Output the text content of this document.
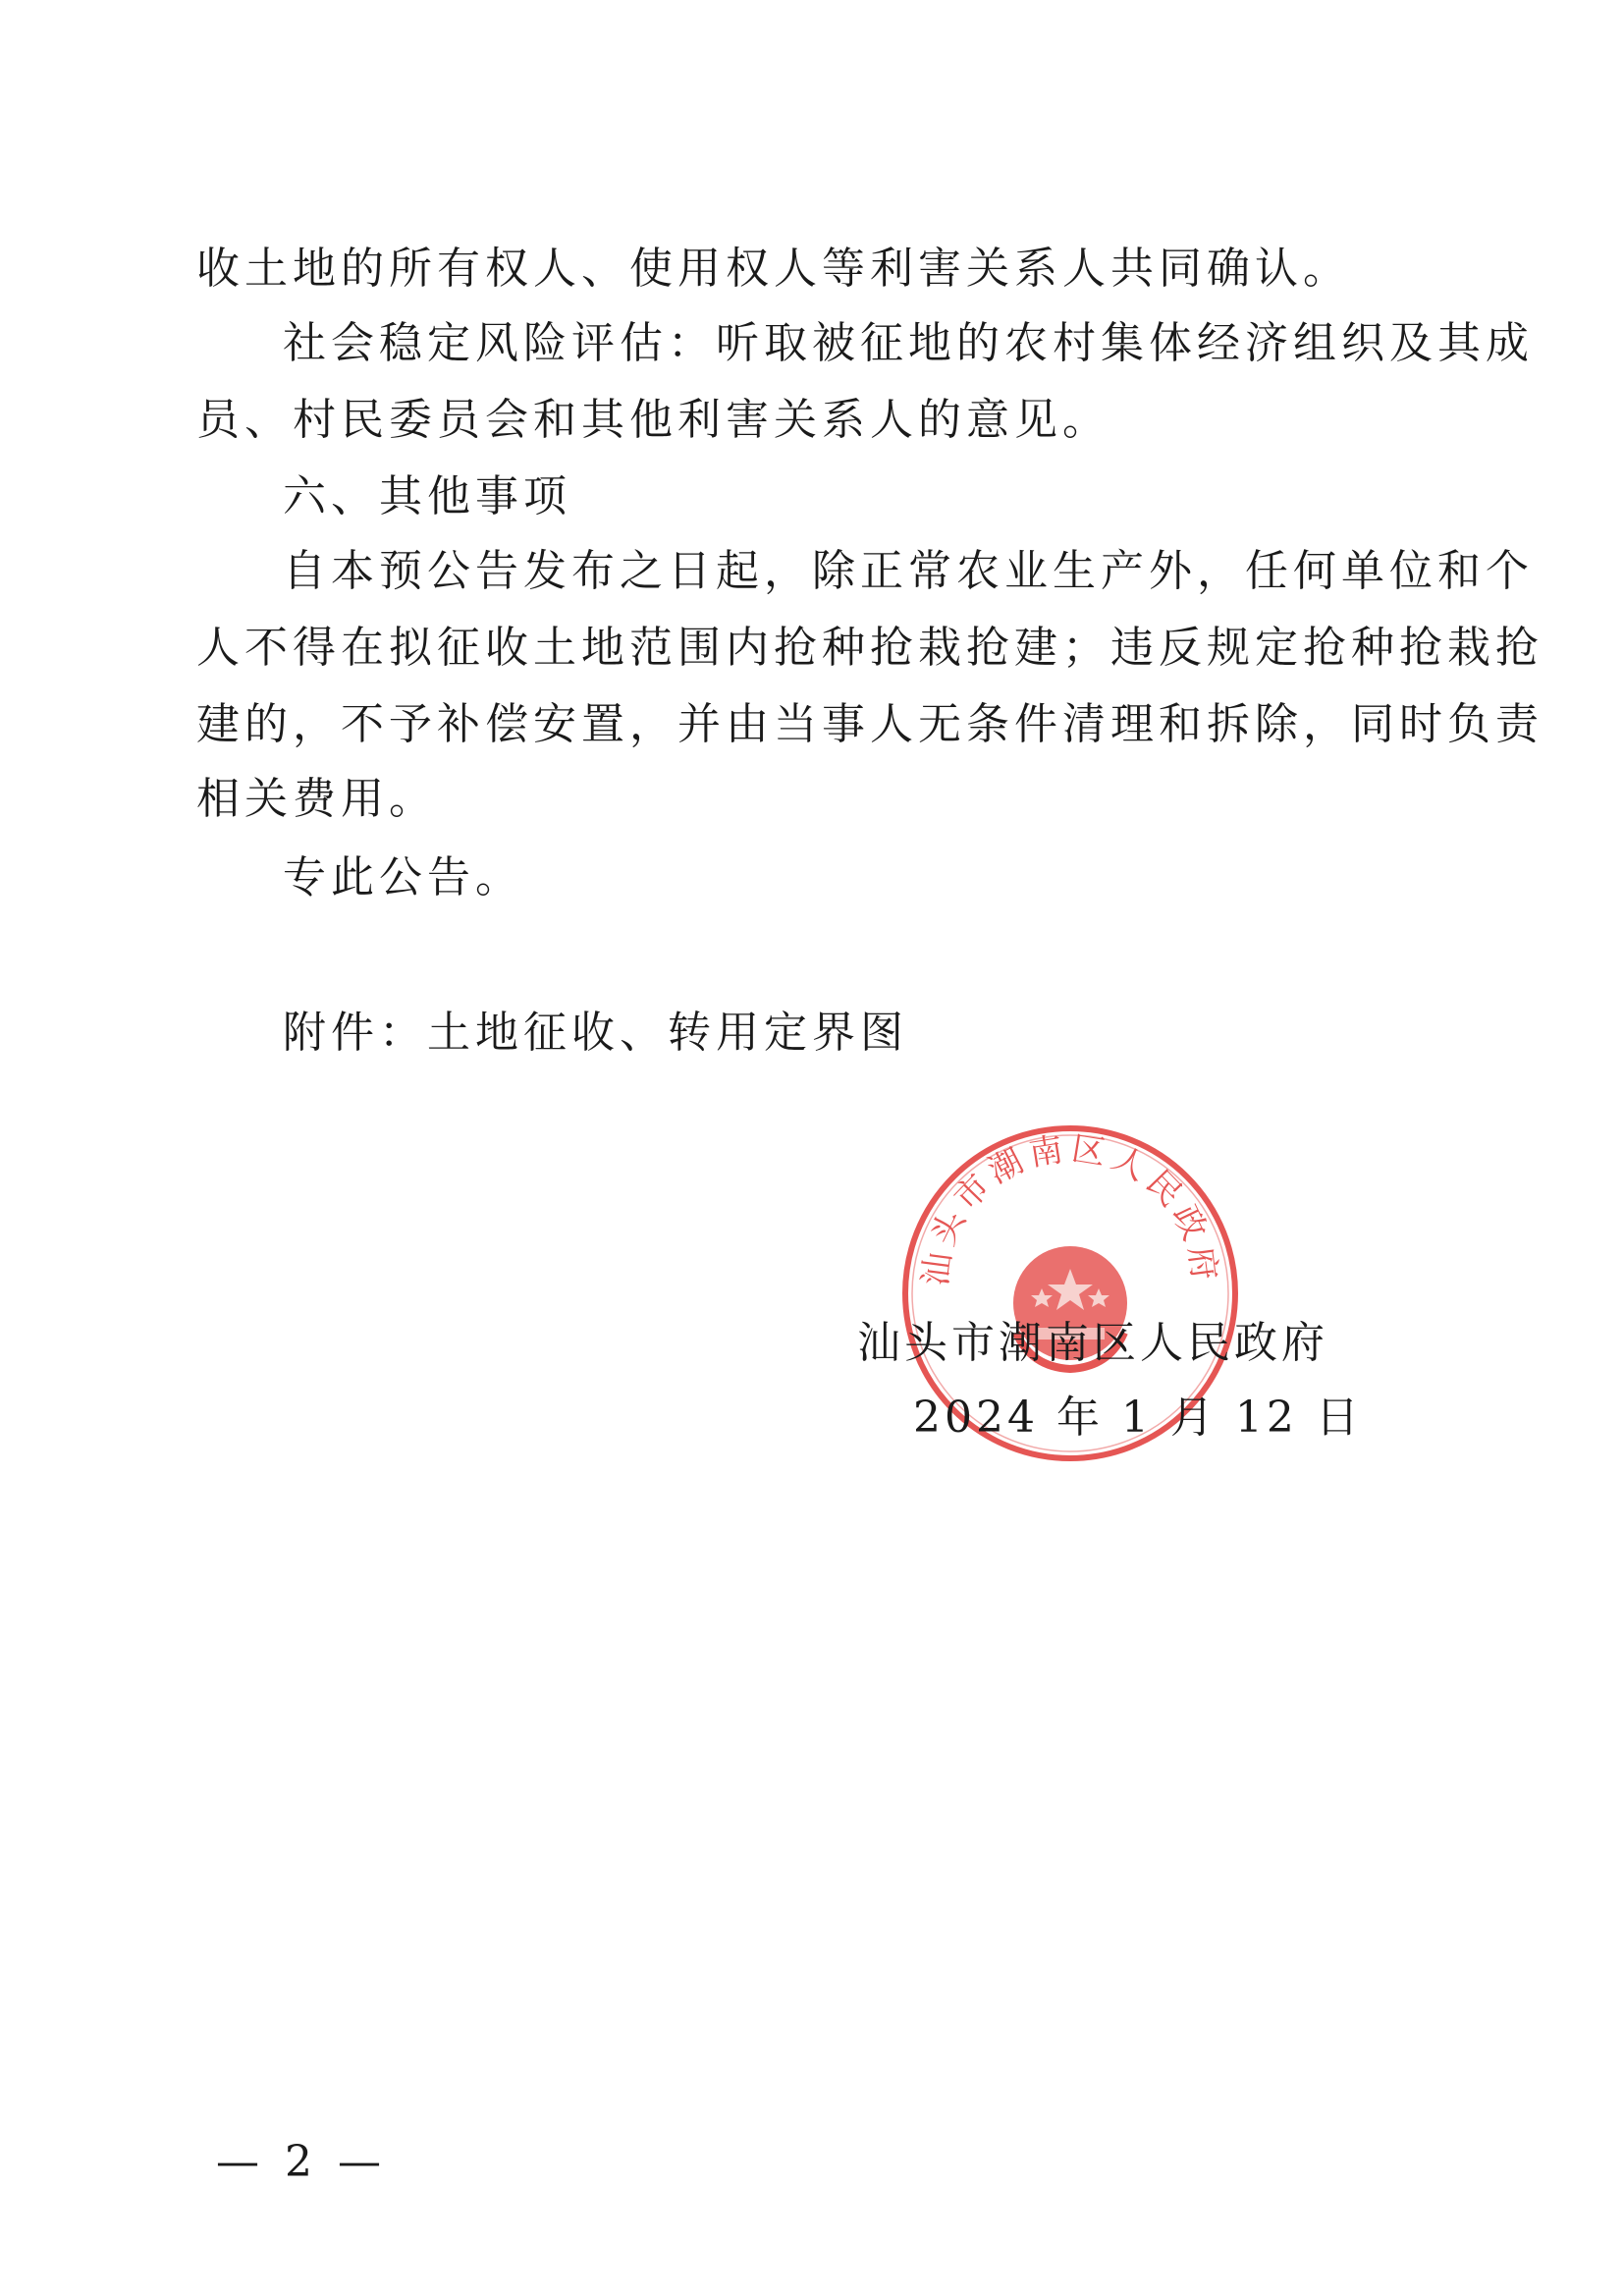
收土地的所有权人、使用权人等利害关系人共同确认。
社会稳定风险评估：听取被征地的农村集体经济组织及其成
员、村民委员会和其他利害关系人的意见。
六、其他事项
自本预公告发布之日起，除正常农业生产外，任何单位和个
人不得在拟征收土地范围内抢种抢栽抢建；违反规定抢种抢栽抢
建的，不予补偿安置，并由当事人无条件清理和拆除，同时负责
相关费用。
专此公告。
附件：土地征收、转用定界图
汕头市潮南区人民政府
汕头市潮南区人民政府
2024 年 1 月 12 日
— 2 —
